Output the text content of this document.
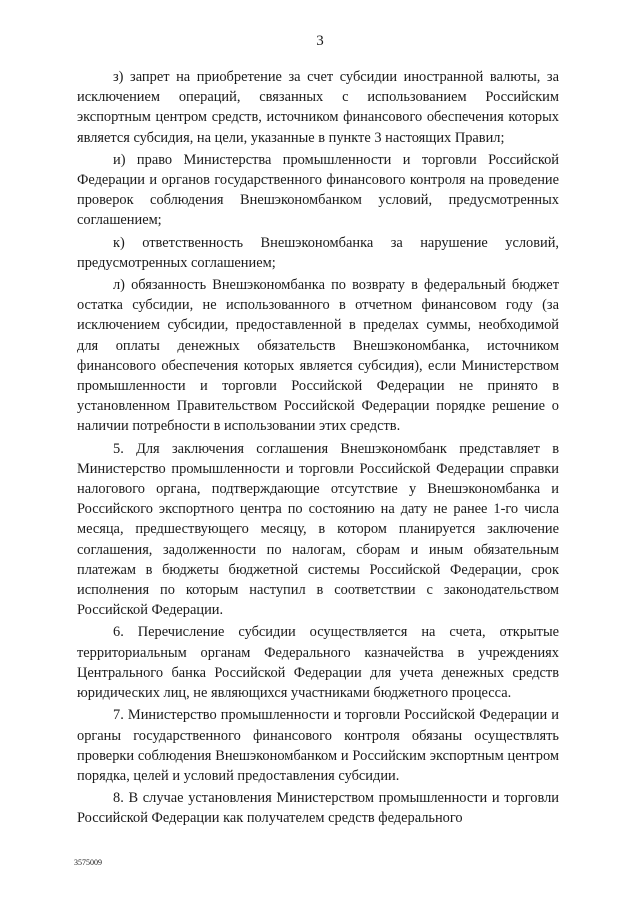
3

з) запрет на приобретение за счет субсидии иностранной валюты, за исключением операций, связанных с использованием Российским экспортным центром средств, источником финансового обеспечения которых является субсидия, на цели, указанные в пункте 3 настоящих Правил;

и) право Министерства промышленности и торговли Российской Федерации и органов государственного финансового контроля на проведение проверок соблюдения Внешэкономбанком условий, предусмотренных соглашением;

к) ответственность Внешэкономбанка за нарушение условий, предусмотренных соглашением;

л) обязанность Внешэкономбанка по возврату в федеральный бюджет остатка субсидии, не использованного в отчетном финансовом году (за исключением субсидии, предоставленной в пределах суммы, необходимой для оплаты денежных обязательств Внешэкономбанка, источником финансового обеспечения которых является субсидия), если Министерством промышленности и торговли Российской Федерации не принято в установленном Правительством Российской Федерации порядке решение о наличии потребности в использовании этих средств.

5. Для заключения соглашения Внешэкономбанк представляет в Министерство промышленности и торговли Российской Федерации справки налогового органа, подтверждающие отсутствие у Внешэкономбанка и Российского экспортного центра по состоянию на дату не ранее 1-го числа месяца, предшествующего месяцу, в котором планируется заключение соглашения, задолженности по налогам, сборам и иным обязательным платежам в бюджеты бюджетной системы Российской Федерации, срок исполнения по которым наступил в соответствии с законодательством Российской Федерации.

6. Перечисление субсидии осуществляется на счета, открытые территориальным органам Федерального казначейства в учреждениях Центрального банка Российской Федерации для учета денежных средств юридических лиц, не являющихся участниками бюджетного процесса.

7. Министерство промышленности и торговли Российской Федерации и органы государственного финансового контроля обязаны осуществлять проверки соблюдения Внешэкономбанком и Российским экспортным центром порядка, целей и условий предоставления субсидии.

8. В случае установления Министерством промышленности и торговли Российской Федерации как получателем средств федерального

3575009
